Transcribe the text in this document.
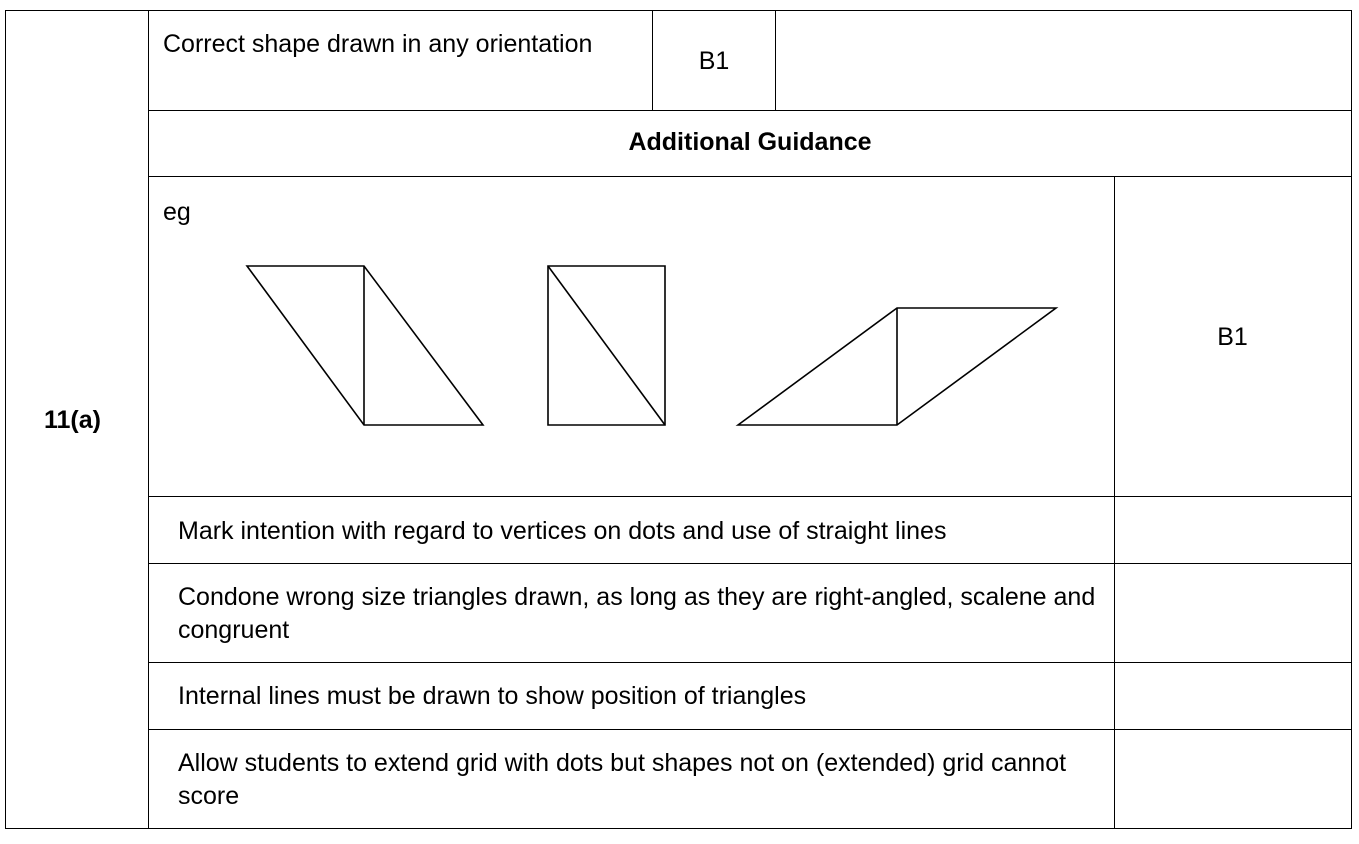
11(a)
Correct shape drawn in any orientation
B1
Additional Guidance
eg
B1
Mark intention with regard to vertices on dots and use of straight lines
Condone wrong size triangles drawn, as long as they are right-angled, scalene and congruent
Internal lines must be drawn to show position of triangles
Allow students to extend grid with dots but shapes not on (extended) grid cannot score
